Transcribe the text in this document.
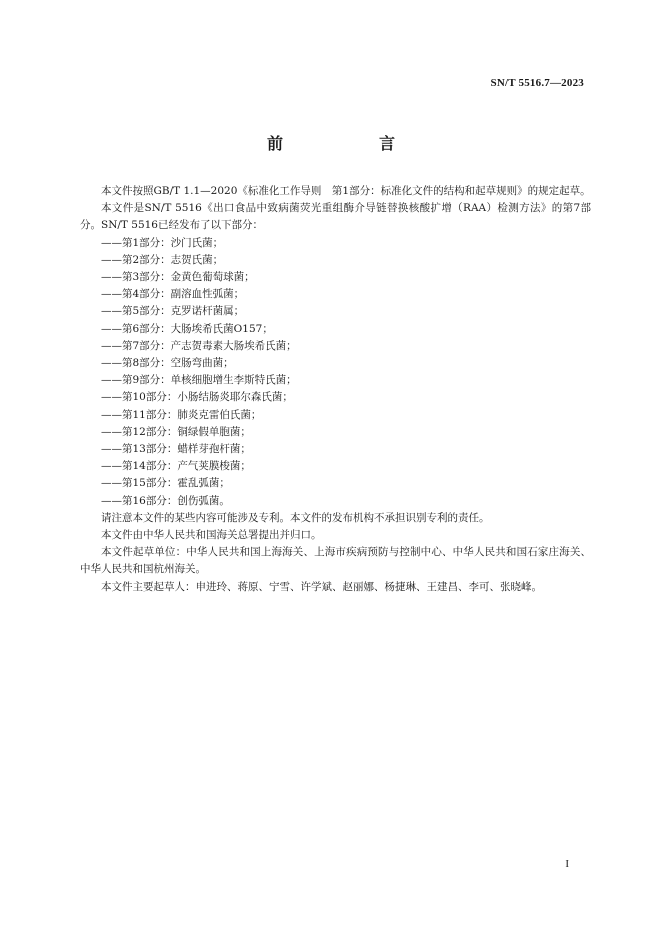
SN/T 5516.7—2023
前　言

本文件按照GB/T 1.1—2020《标准化工作导则　第1部分：标准化文件的结构和起草规则》的规定起草。

本文件是SN/T 5516《出口食品中致病菌荧光重组酶介导链替换核酸扩增（RAA）检测方法》的第7部分。SN/T 5516已经发布了以下部分：

——第1部分：沙门氏菌；
——第2部分：志贺氏菌；
——第3部分：金黄色葡萄球菌；
——第4部分：副溶血性弧菌；
——第5部分：克罗诺杆菌属；
——第6部分：大肠埃希氏菌O157；
——第7部分：产志贺毒素大肠埃希氏菌；
——第8部分：空肠弯曲菌；
——第9部分：单核细胞增生李斯特氏菌；
——第10部分：小肠结肠炎耶尔森氏菌；
——第11部分：肺炎克雷伯氏菌；
——第12部分：铜绿假单胞菌；
——第13部分：蜡样芽孢杆菌；
——第14部分：产气荚膜梭菌；
——第15部分：霍乱弧菌；
——第16部分：创伤弧菌。

请注意本文件的某些内容可能涉及专利。本文件的发布机构不承担识别专利的责任。

本文件由中华人民共和国海关总署提出并归口。

本文件起草单位：中华人民共和国上海海关、上海市疾病预防与控制中心、中华人民共和国石家庄海关、中华人民共和国杭州海关。

本文件主要起草人：申进玲、蒋原、宁雪、许学斌、赵丽娜、杨捷琳、王建昌、李可、张晓峰。

I
